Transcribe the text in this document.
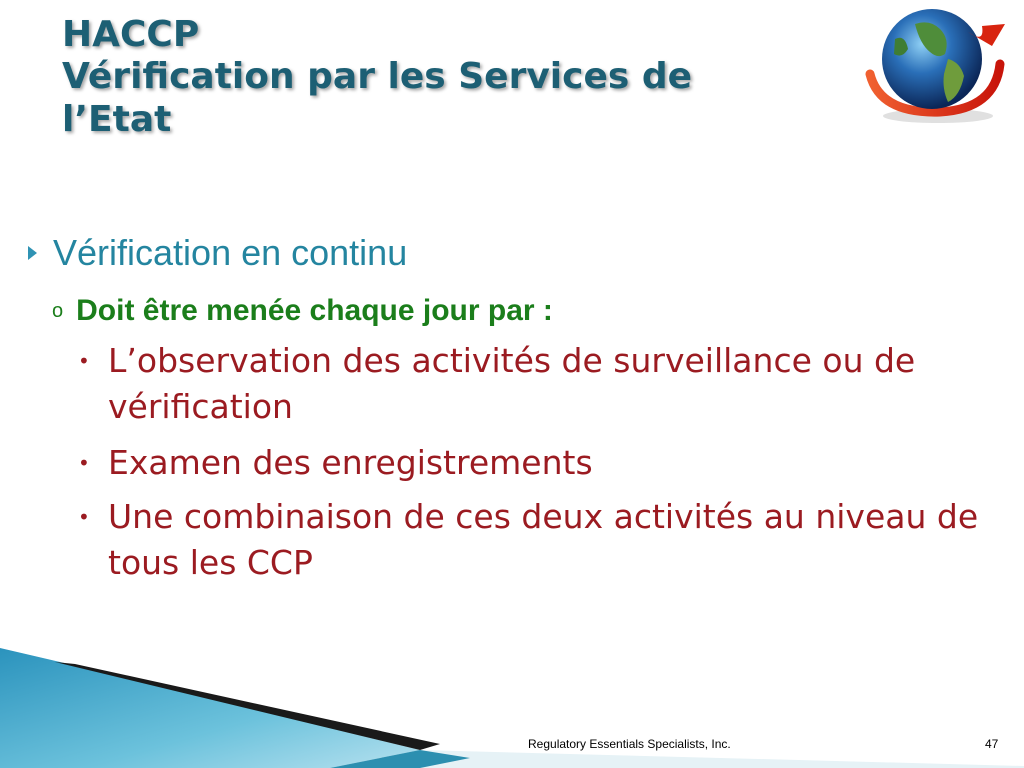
HACCP
Vérification par les Services de
l’Etat
Vérification en continu
o Doit être menée chaque jour par :
• L’observation des activités de surveillance ou de vérification
• Examen des enregistrements
• Une combinaison de ces deux activités au niveau de tous les CCP
Regulatory Essentials Specialists, Inc.	47
